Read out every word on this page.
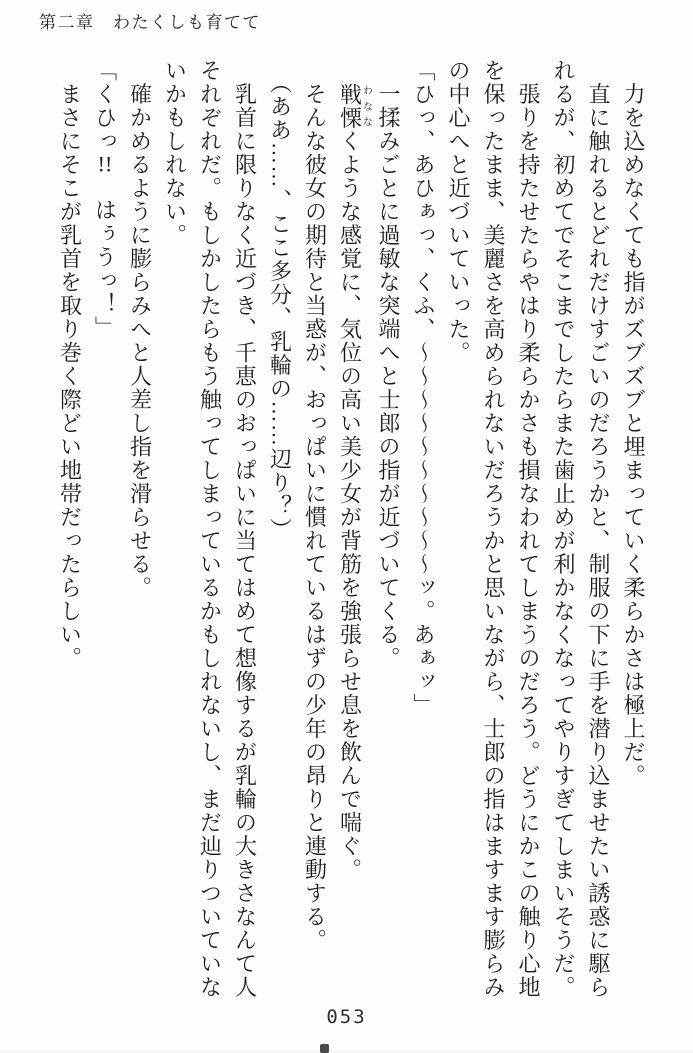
第二章　わたくしも育てて

　力を込めなくても指がズブズブと埋まっていく柔らかさは極上だ。

　直に触れるとどれだけすごいのだろうかと、制服の下に手を潜り込ませたい誘惑に駆ら

れるが、初めてでそこまでしたらまた歯止めが利かなくなってやりすぎてしまいそうだ。

　張りを持たせたらやはり柔らかさも損なわれてしまうのだろう。どうにかこの触り心地

を保ったまま、美麗さを高められないだろうかと思いながら、士郎の指はますます膨らみ

の中心へと近づいていった。

「ひっ、あひぁっ、くふ、〜〜〜〜〜〜〜〜〜〜ッ。あぁッ」

　一揉みごとに過敏な突端へと士郎の指が近づいてくる。

　戦慄わななくような感覚に、気位の高い美少女が背筋を強張らせ息を飲んで喘ぐ。

　そんな彼女の期待と当惑が、おっぱいに慣れているはずの少年の昂りと連動する。

　（ああ……、ここ多分、乳輪の……辺り？）

　乳首に限りなく近づき、千恵のおっぱいに当てはめて想像するが乳輪の大きさなんて人

それぞれだ。もしかしたらもう触ってしまっているかもしれないし、まだ辿りついていな

いかもしれない。

　確かめるように膨らみへと人差し指を滑らせる。

「くひっ!!　はぅうっ！」

　まさにそこが乳首を取り巻く際どい地帯だったらしい。

053
